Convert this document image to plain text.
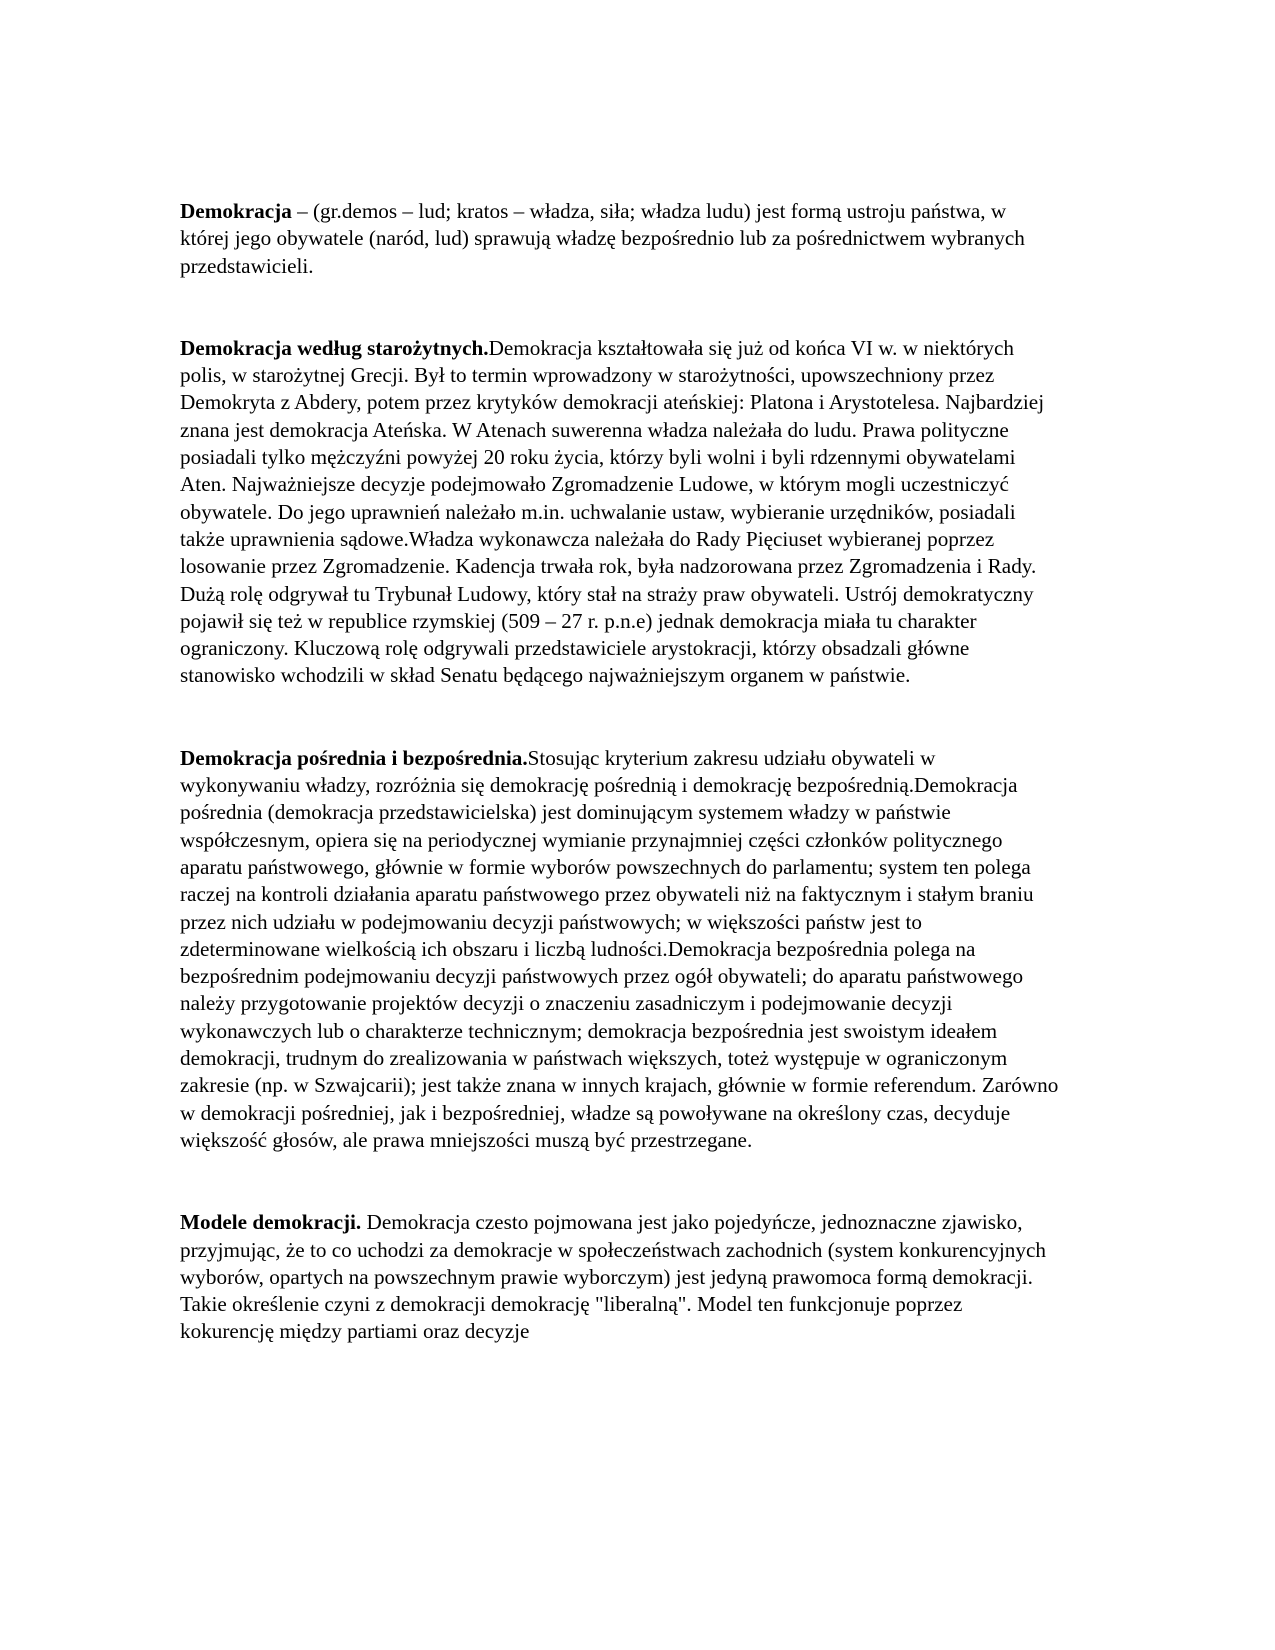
Demokracja – (gr.demos – lud; kratos – władza, siła; władza ludu) jest formą ustroju państwa, w której jego obywatele (naród, lud) sprawują władzę bezpośrednio lub za pośrednictwem wybranych przedstawicieli.

Demokracja według starożytnych.Demokracja kształtowała się już od końca VI w. w niektórych polis, w starożytnej Grecji. Był to termin wprowadzony w starożytności, upowszechniony przez Demokryta z Abdery, potem przez krytyków demokracji ateńskiej: Platona i Arystotelesa. Najbardziej znana jest demokracja Ateńska. W Atenach suwerenna władza należała do ludu. Prawa polityczne posiadali tylko mężczyźni powyżej 20 roku życia, którzy byli wolni i byli rdzennymi obywatelami Aten. Najważniejsze decyzje podejmowało Zgromadzenie Ludowe, w którym mogli uczestniczyć obywatele. Do jego uprawnień należało m.in. uchwalanie ustaw, wybieranie urzędników, posiadali także uprawnienia sądowe.Władza wykonawcza należała do Rady Pięciuset wybieranej poprzez losowanie przez Zgromadzenie. Kadencja trwała rok, była nadzorowana przez Zgromadzenia i Rady. Dużą rolę odgrywał tu Trybunał Ludowy, który stał na straży praw obywateli. Ustrój demokratyczny pojawił się też w republice rzymskiej (509 – 27 r. p.n.e) jednak demokracja miała tu charakter ograniczony. Kluczową rolę odgrywali przedstawiciele arystokracji, którzy obsadzali główne stanowisko wchodzili w skład Senatu będącego najważniejszym organem w państwie.

Demokracja pośrednia i bezpośrednia.Stosując kryterium zakresu udziału obywateli w wykonywaniu władzy, rozróżnia się demokrację pośrednią i demokrację bezpośrednią.Demokracja pośrednia (demokracja przedstawicielska) jest dominującym systemem władzy w państwie współczesnym, opiera się na periodycznej wymianie przynajmniej części członków politycznego aparatu państwowego, głównie w formie wyborów powszechnych do parlamentu; system ten polega raczej na kontroli działania aparatu państwowego przez obywateli niż na faktycznym i stałym braniu przez nich udziału w podejmowaniu decyzji państwowych; w większości państw jest to zdeterminowane wielkością ich obszaru i liczbą ludności.Demokracja bezpośrednia polega na bezpośrednim podejmowaniu decyzji państwowych przez ogół obywateli; do aparatu państwowego należy przygotowanie projektów decyzji o znaczeniu zasadniczym i podejmowanie decyzji wykonawczych lub o charakterze technicznym; demokracja bezpośrednia jest swoistym ideałem demokracji, trudnym do zrealizowania w państwach większych, toteż występuje w ograniczonym zakresie (np. w Szwajcarii); jest także znana w innych krajach, głównie w formie referendum. Zarówno w demokracji pośredniej, jak i bezpośredniej, władze są powoływane na określony czas, decyduje większość głosów, ale prawa mniejszości muszą być przestrzegane.

Modele demokracji. Demokracja czesto pojmowana jest jako pojedyńcze, jednoznaczne zjawisko, przyjmując, że to co uchodzi za demokracje w społeczeństwach zachodnich (system konkurencyjnych wyborów, opartych na powszechnym prawie wyborczym) jest jedyną prawomoca formą demokracji. Takie określenie czyni z demokracji demokrację "liberalną". Model ten funkcjonuje poprzez kokurencję między partiami oraz decyzje
